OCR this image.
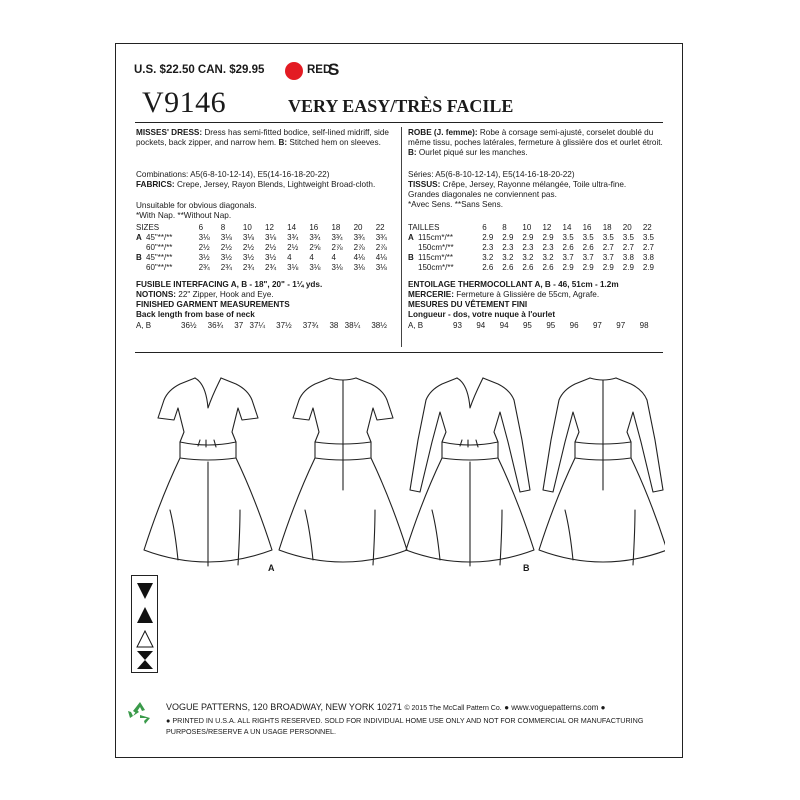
U.S. $22.50 CAN. $29.95	RED
S
V9146	VERY EASY/TRÈS FACILE
MISSES' DRESS: Dress has semi-fitted bodice, self-lined midriff, side pockets, back zipper, and narrow hem. B: Stitched hem on sleeves.
Combinations: A5(6-8-10-12-14), E5(14-16-18-20-22)
FABRICS: Crepe, Jersey, Rayon Blends, Lightweight Broad-cloth.
Unsuitable for obvious diagonals.
*With Nap. **Without Nap.
SIZES		6	8	10	12	14	16	18	20	22
A	45"**/**	3⅛	3⅛	3⅛	3⅛	3¾	3¾	3¾	3¾	3¾
	60"**/**	2½	2½	2½	2½	2½	2⅝	2⅞	2⅞	2⅞
B	45"**/**	3½	3½	3½	3½	4	4	4	4⅛	4⅛
	60"**/**	2¾	2¾	2¾	2¾	3⅛	3⅛	3⅛	3⅛	3⅛
FUSIBLE INTERFACING A, B - 18", 20" - 1¼ yds.
NOTIONS: 22" Zipper, Hook and Eye.
FINISHED GARMENT MEASUREMENTS
Back length from base of neck
A, B	36½	36¾	37	37¼	37½	37¾	38	38¼	38½
ROBE (J. femme): Robe à corsage semi-ajusté, corselet doublé du même tissu, poches latérales, fermeture à glissière dos et ourlet étroit. B: Ourlet piqué sur les manches.
Séries: A5(6-8-10-12-14), E5(14-16-18-20-22)
TISSUS: Crêpe, Jersey, Rayonne mélangée, Toile ultra-fine.
Grandes diagonales ne conviennent pas.
*Avec Sens. **Sans Sens.
TAILLES		6	8	10	12	14	16	18	20	22
A	115cm*/**	2.9	2.9	2.9	2.9	3.5	3.5	3.5	3.5	3.5
	150cm*/**	2.3	2.3	2.3	2.3	2.6	2.6	2.7	2.7	2.7
B	115cm*/**	3.2	3.2	3.2	3.2	3.7	3.7	3.7	3.8	3.8
	150cm*/**	2.6	2.6	2.6	2.6	2.9	2.9	2.9	2.9	2.9
ENTOILAGE THERMOCOLLANT A, B - 46, 51cm - 1.2m
MERCERIE: Fermeture à Glissière de 55cm, Agrafe.
MESURES DU VÊTEMENT FINI
Longueur - dos, votre nuque à l'ourlet
A, B	93	94	94	95	95	96	97	97	98
A	B
VOGUE PATTERNS, 120 BROADWAY, NEW YORK 10271 © 2015 The McCall Pattern Co. ● www.voguepatterns.com ●
● PRINTED IN U.S.A. ALL RIGHTS RESERVED. SOLD FOR INDIVIDUAL HOME USE ONLY AND NOT FOR COMMERCIAL OR MANUFACTURING
PURPOSES/RESERVE A UN USAGE PERSONNEL.
